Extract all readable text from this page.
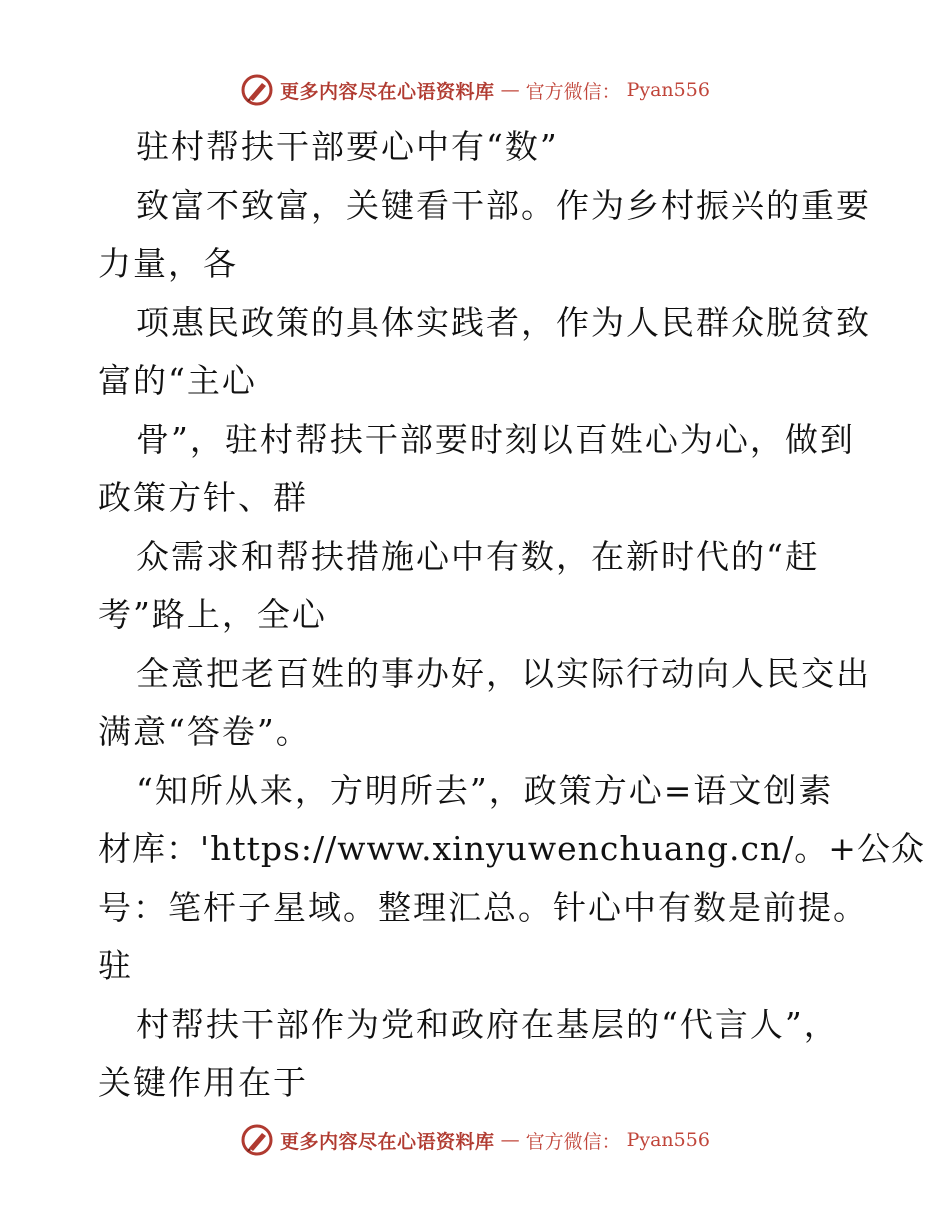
更多内容尽在心语资料库 — 官方微信： Pyan556
驻村帮扶干部要心中有“数”
致富不致富，关键看干部。作为乡村振兴的重要
力量，各
项惠民政策的具体实践者，作为人民群众脱贫致
富的“主心
骨”，驻村帮扶干部要时刻以百姓心为心，做到
政策方针、群
众需求和帮扶措施心中有数，在新时代的“赶
考”路上，全心
全意把老百姓的事办好，以实际行动向人民交出
满意“答卷”。
“知所从来，方明所去”，政策方心=语文创素
材库：'https://www.xinyuwenchuang.cn/。+公众
号：笔杆子星域。整理汇总。针心中有数是前提。
驻
村帮扶干部作为党和政府在基层的“代言人”，
关键作用在于
更多内容尽在心语资料库 — 官方微信： Pyan556
